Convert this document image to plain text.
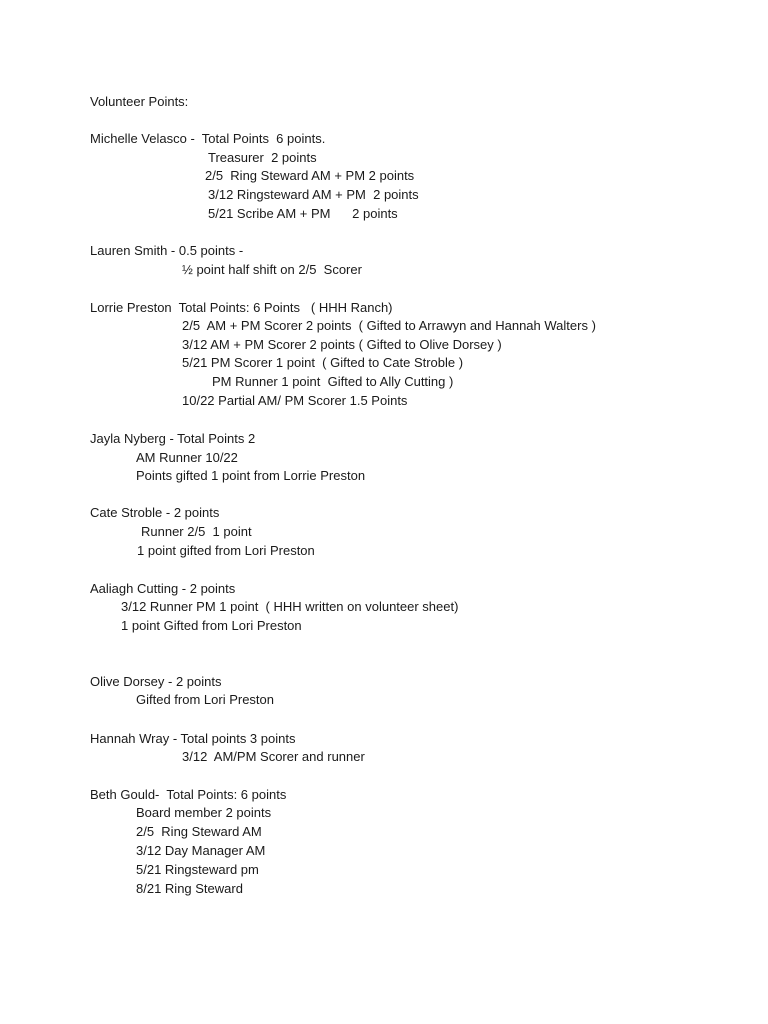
Volunteer Points:

Michelle Velasco -  Total Points  6 points.

Treasurer  2 points

2/5  Ring Steward AM + PM 2 points

3/12 Ringsteward AM + PM  2 points

5/21 Scribe AM + PM      2 points

Lauren Smith - 0.5 points -

½ point half shift on 2/5  Scorer

Lorrie Preston  Total Points: 6 Points   ( HHH Ranch)

2/5  AM + PM Scorer 2 points  ( Gifted to Arrawyn and Hannah Walters )

3/12 AM + PM Scorer 2 points ( Gifted to Olive Dorsey )

5/21 PM Scorer 1 point  ( Gifted to Cate Stroble )

PM Runner 1 point  Gifted to Ally Cutting )

10/22 Partial AM/ PM Scorer 1.5 Points

Jayla Nyberg - Total Points 2

AM Runner 10/22

Points gifted 1 point from Lorrie Preston

Cate Stroble - 2 points

Runner 2/5  1 point

1 point gifted from Lori Preston

Aaliagh Cutting - 2 points

3/12 Runner PM 1 point  ( HHH written on volunteer sheet)

1 point Gifted from Lori Preston

Olive Dorsey - 2 points

Gifted from Lori Preston

Hannah Wray - Total points 3 points

3/12  AM/PM Scorer and runner

Beth Gould-  Total Points: 6 points

Board member 2 points

2/5  Ring Steward AM

3/12 Day Manager AM

5/21 Ringsteward pm

8/21 Ring Steward
